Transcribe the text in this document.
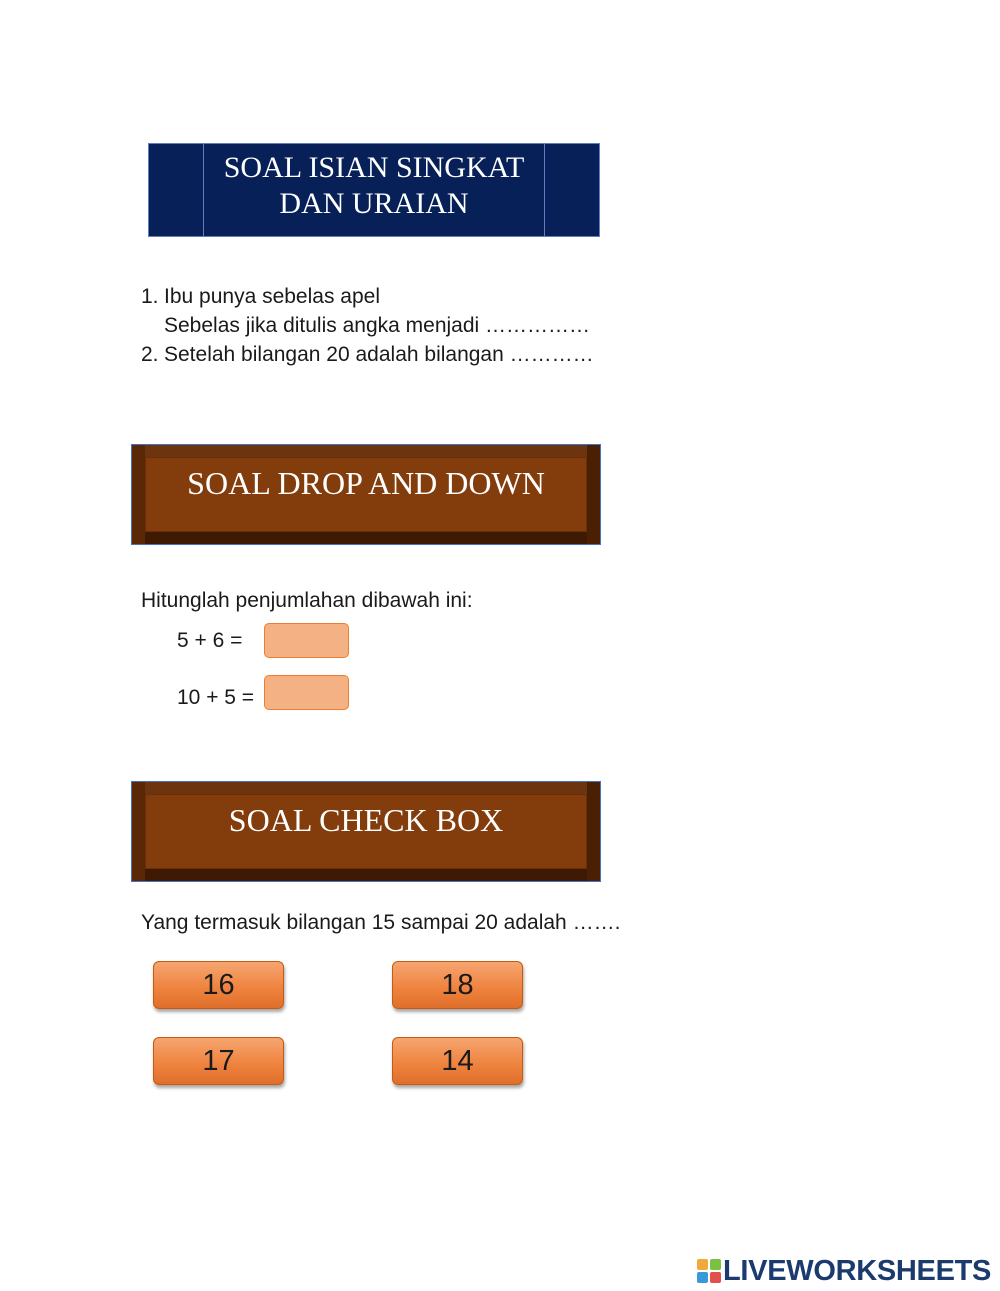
SOAL ISIAN SINGKAT DAN URAIAN
1. Ibu punya sebelas apel
Sebelas jika ditulis angka menjadi ……………
2. Setelah bilangan 20 adalah bilangan …………
SOAL DROP AND DOWN
Hitunglah penjumlahan dibawah ini:
5 + 6 =
10 + 5 =
SOAL CHECK BOX
Yang termasuk bilangan 15 sampai 20 adalah …….
16	18
17	14
LIVEWORKSHEETS
